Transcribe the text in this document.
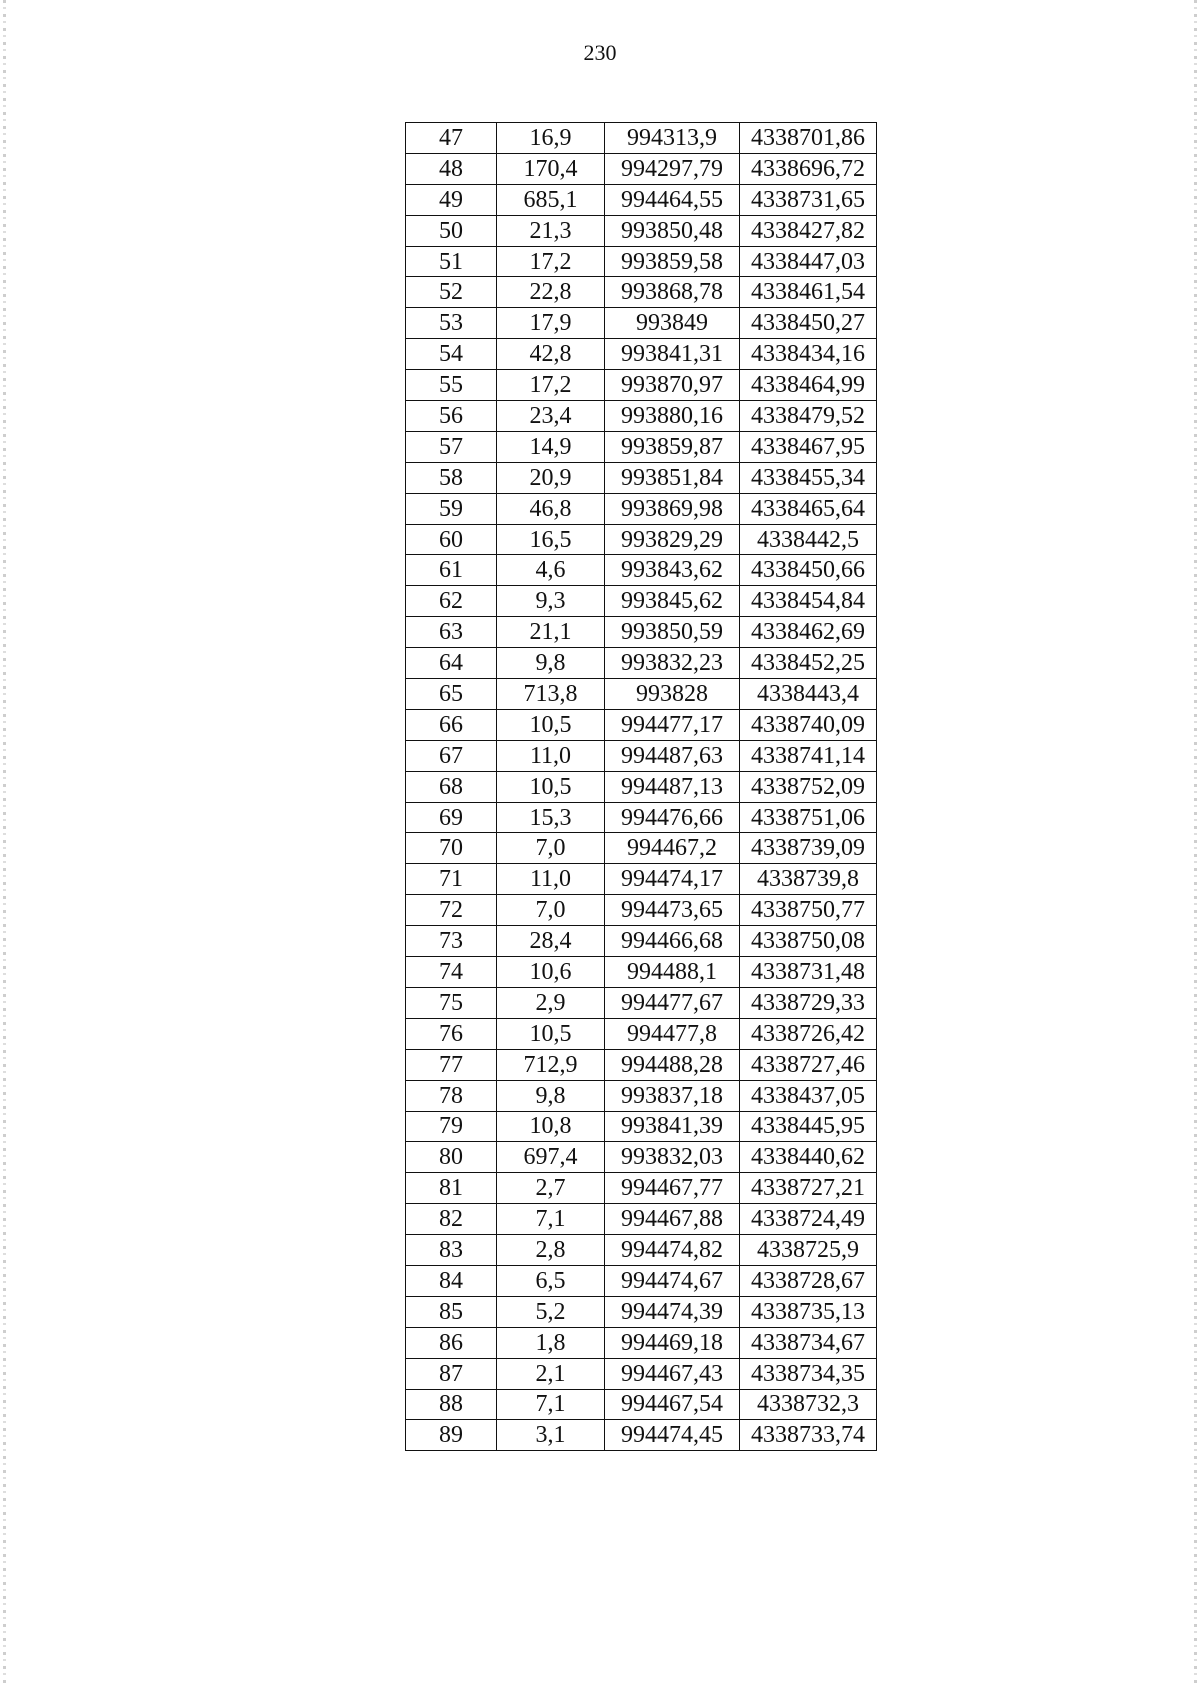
230
47	16,9	994313,9	4338701,86
48	170,4	994297,79	4338696,72
49	685,1	994464,55	4338731,65
50	21,3	993850,48	4338427,82
51	17,2	993859,58	4338447,03
52	22,8	993868,78	4338461,54
53	17,9	993849	4338450,27
54	42,8	993841,31	4338434,16
55	17,2	993870,97	4338464,99
56	23,4	993880,16	4338479,52
57	14,9	993859,87	4338467,95
58	20,9	993851,84	4338455,34
59	46,8	993869,98	4338465,64
60	16,5	993829,29	4338442,5
61	4,6	993843,62	4338450,66
62	9,3	993845,62	4338454,84
63	21,1	993850,59	4338462,69
64	9,8	993832,23	4338452,25
65	713,8	993828	4338443,4
66	10,5	994477,17	4338740,09
67	11,0	994487,63	4338741,14
68	10,5	994487,13	4338752,09
69	15,3	994476,66	4338751,06
70	7,0	994467,2	4338739,09
71	11,0	994474,17	4338739,8
72	7,0	994473,65	4338750,77
73	28,4	994466,68	4338750,08
74	10,6	994488,1	4338731,48
75	2,9	994477,67	4338729,33
76	10,5	994477,8	4338726,42
77	712,9	994488,28	4338727,46
78	9,8	993837,18	4338437,05
79	10,8	993841,39	4338445,95
80	697,4	993832,03	4338440,62
81	2,7	994467,77	4338727,21
82	7,1	994467,88	4338724,49
83	2,8	994474,82	4338725,9
84	6,5	994474,67	4338728,67
85	5,2	994474,39	4338735,13
86	1,8	994469,18	4338734,67
87	2,1	994467,43	4338734,35
88	7,1	994467,54	4338732,3
89	3,1	994474,45	4338733,74
